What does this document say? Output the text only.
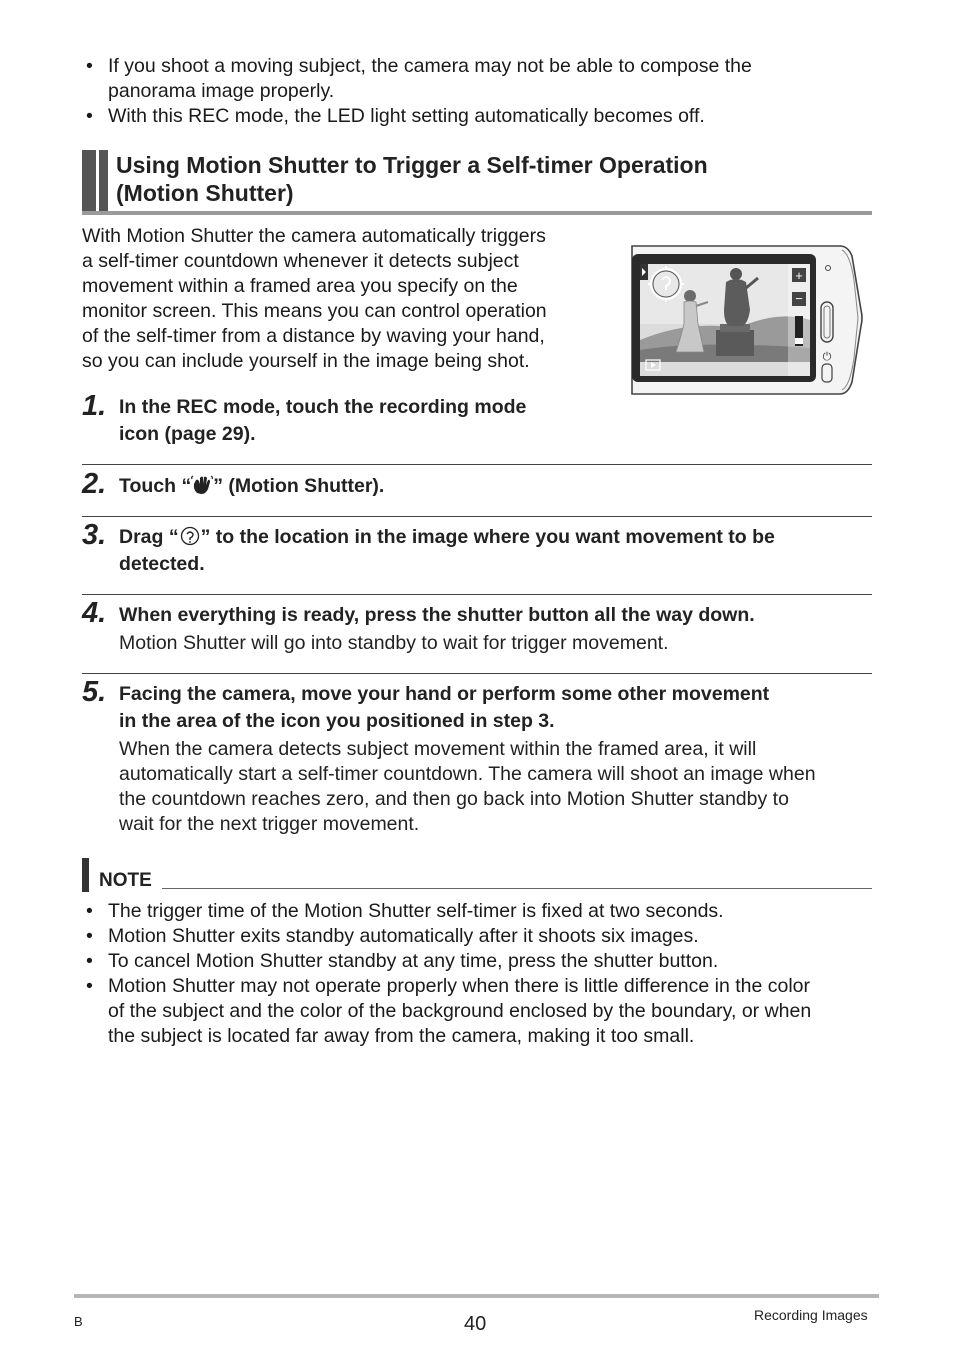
• If you shoot a moving subject, the camera may not be able to compose the
panorama image properly.
• With this REC mode, the LED light setting automatically becomes off.
Using Motion Shutter to Trigger a Self-timer Operation
(Motion Shutter)
With Motion Shutter the camera automatically triggers
a self-timer countdown whenever it detects subject
movement within a framed area you specify on the
monitor screen. This means you can control operation
of the self-timer from a distance by waving your hand,
so you can include yourself in the image being shot.
+
−
⏻
1. In the REC mode, touch the recording mode
icon (page 29).
2. Touch “ ” (Motion Shutter).
3. Drag “ ” to the location in the image where you want movement to be
detected.
4. When everything is ready, press the shutter button all the way down.
Motion Shutter will go into standby to wait for trigger movement.
5. Facing the camera, move your hand or perform some other movement
in the area of the icon you positioned in step 3.
When the camera detects subject movement within the framed area, it will
automatically start a self-timer countdown. The camera will shoot an image when
the countdown reaches zero, and then go back into Motion Shutter standby to
wait for the next trigger movement.
NOTE
• The trigger time of the Motion Shutter self-timer is fixed at two seconds.
• Motion Shutter exits standby automatically after it shoots six images.
• To cancel Motion Shutter standby at any time, press the shutter button.
• Motion Shutter may not operate properly when there is little difference in the color
of the subject and the color of the background enclosed by the boundary, or when
the subject is located far away from the camera, making it too small.
B	40	Recording Images
